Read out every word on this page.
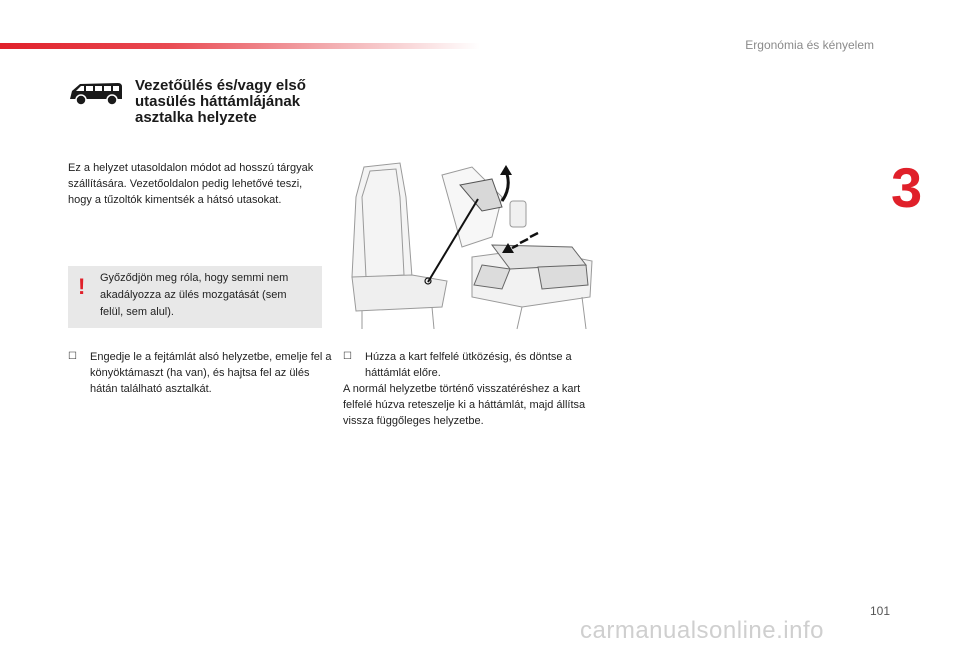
Ergonómia és kényelem
3
Vezetőülés és/vagy első utasülés háttámlájának asztalka helyzete
Ez a helyzet utasoldalon módot ad hosszú tárgyak szállítására. Vezetőoldalon pedig lehetővé teszi, hogy a tűzoltók kimentsék a hátsó utasokat.
! Győződjön meg róla, hogy semmi nem akadályozza az ülés mozgatását (sem felül, sem alul).
☐	Engedje le a fejtámlát alsó helyzetbe, emelje fel a könyöktámaszt (ha van), és hajtsa fel az ülés hátán található asztalkát.
☐	Húzza a kart felfelé ütközésig, és döntse a háttámlát előre.
A normál helyzetbe történő visszatéréshez a kart felfelé húzva reteszelje ki a háttámlát, majd állítsa vissza függőleges helyzetbe.
101
carmanualsonline.info
